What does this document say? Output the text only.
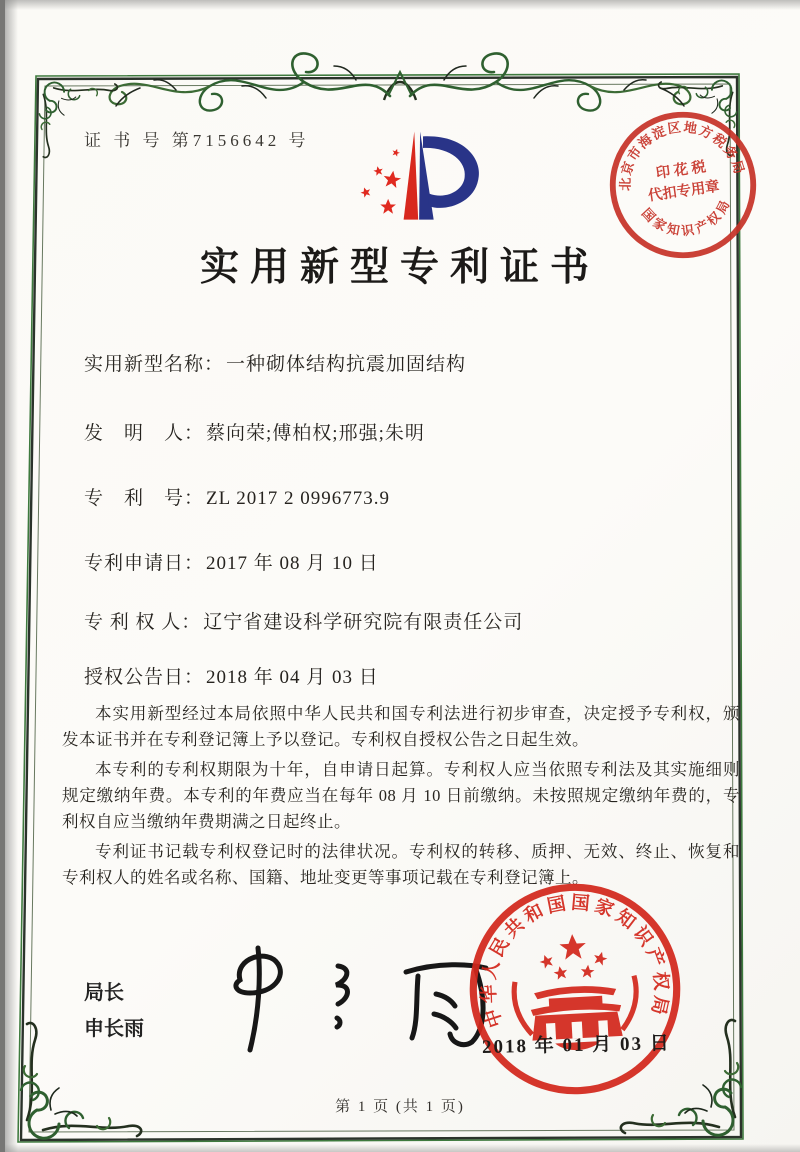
证 书 号 第7156642 号
实用新型专利证书
实用新型名称： 一种砌体结构抗震加固结构
发　明　人： 蔡向荣;傅柏权;邢强;朱明
专　利　号： ZL 2017 2 0996773.9
专利申请日： 2017 年 08 月 10 日
专 利 权 人： 辽宁省建设科学研究院有限责任公司
授权公告日： 2018 年 04 月 03 日

本实用新型经过本局依照中华人民共和国专利法进行初步审查，决定授予专利权，颁发本证书并在专利登记簿上予以登记。专利权自授权公告之日起生效。

本专利的专利权期限为十年，自申请日起算。专利权人应当依照专利法及其实施细则规定缴纳年费。本专利的年费应当在每年 08 月 10 日前缴纳。未按照规定缴纳年费的，专利权自应当缴纳年费期满之日起终止。

专利证书记载专利权登记时的法律状况。专利权的转移、质押、无效、终止、恢复和专利权人的姓名或名称、国籍、地址变更等事项记载在专利登记簿上。

局长
申长雨
第 1 页 (共 1 页)
北京市海淀区地方税务局
国家知识产权局
印 花 税
代扣专用章
中华人民共和国国家知识产权局
2018 年 01 月 03 日
